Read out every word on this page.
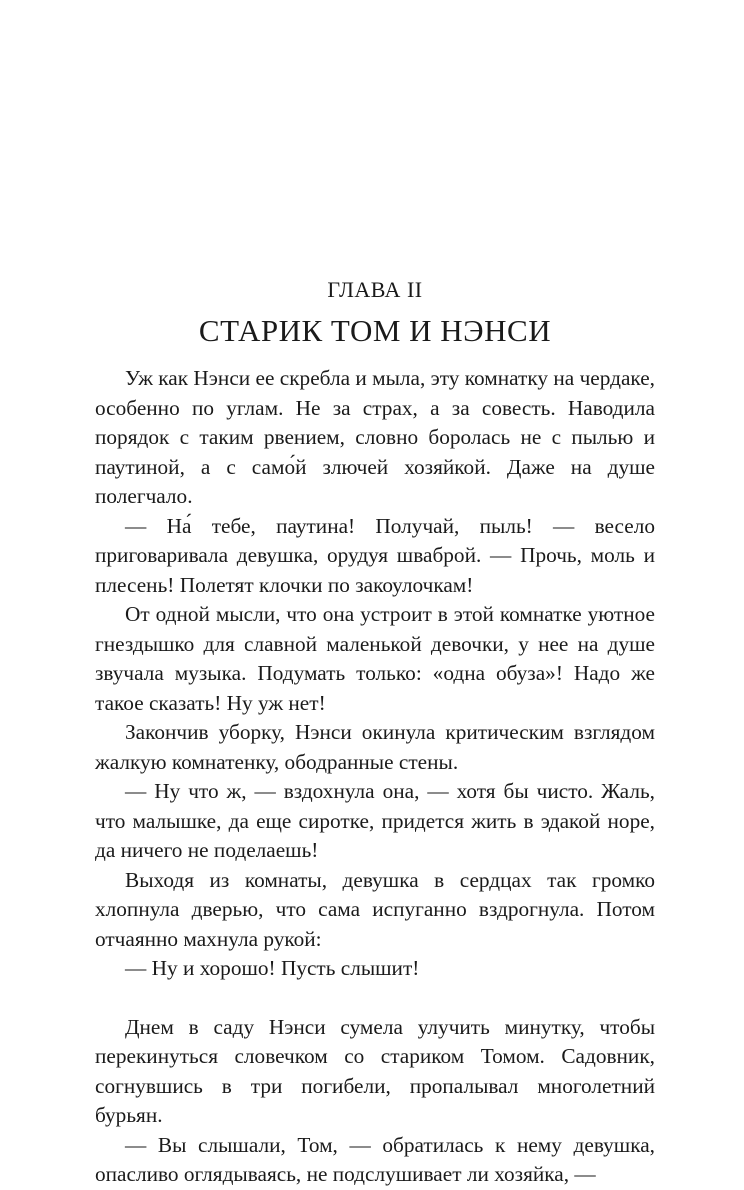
ГЛАВА II
СТАРИК ТОМ И НЭНСИ

Уж как Нэнси ее скребла и мыла, эту комнатку на чердаке, особенно по углам. Не за страх, а за совесть. Наводила порядок с таким рвением, словно боролась не с пылью и паутиной, а с само́й злючей хозяйкой. Даже на душе полегчало.

— На́ тебе, паутина! Получай, пыль! — весело приговаривала девушка, орудуя шваброй. — Прочь, моль и плесень! Полетят клочки по закоулочкам!

От одной мысли, что она устроит в этой комнатке уютное гнездышко для славной маленькой девочки, у нее на душе звучала музыка. Подумать только: «одна обуза»! Надо же такое сказать! Ну уж нет!

Закончив уборку, Нэнси окинула критическим взглядом жалкую комнатенку, ободранные стены.

— Ну что ж, — вздохнула она, — хотя бы чисто. Жаль, что малышке, да еще сиротке, придется жить в эдакой норе, да ничего не поделаешь!

Выходя из комнаты, девушка в сердцах так громко хлопнула дверью, что сама испуганно вздрогнула. Потом отчаянно махнула рукой:

— Ну и хорошо! Пусть слышит!

Днем в саду Нэнси сумела улучить минутку, чтобы перекинуться словечком со стариком Томом. Садовник, согнувшись в три погибели, пропалывал многолетний бурьян.

— Вы слышали, Том, — обратилась к нему девушка, опасливо оглядываясь, не подслушивает ли хозяйка, —
